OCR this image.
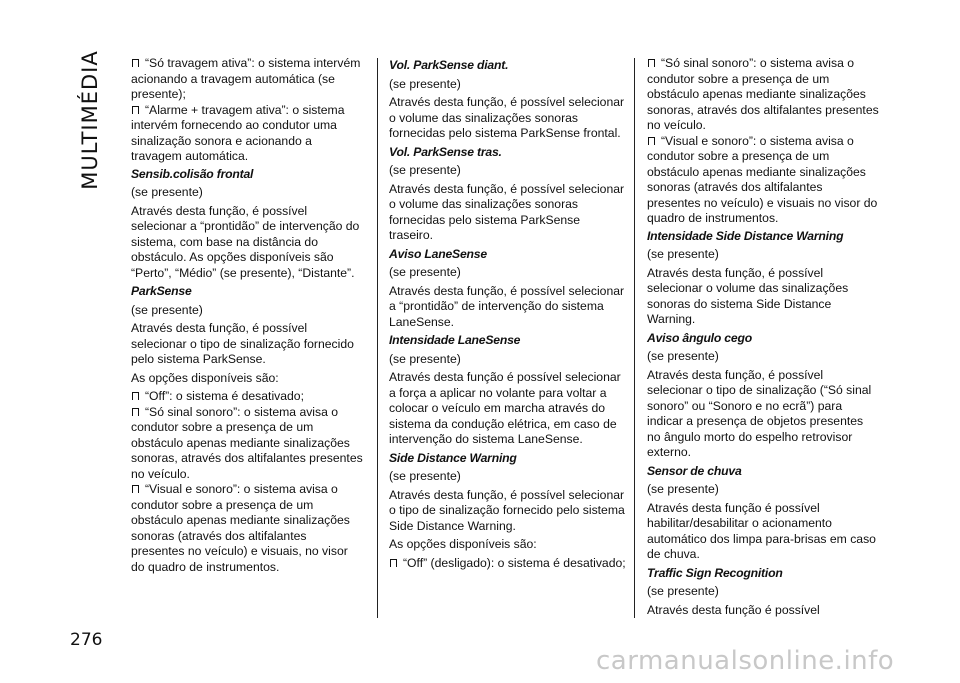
MULTIMÉDIA	“Só travagem ativa”: o sistema intervém acionando a travagem automática (se presente);
“Alarme + travagem ativa”: o sistema intervém fornecendo ao condutor uma sinalização sonora e acionando a travagem automática.
Sensib.colisão frontal
(se presente)
Através desta função, é possível selecionar a “prontidão” de intervenção do sistema, com base na distância do obstáculo. As opções disponíveis são “Perto”, “Médio” (se presente), “Distante”.
ParkSense
(se presente)
Através desta função, é possível selecionar o tipo de sinalização fornecido pelo sistema ParkSense.
As opções disponíveis são:
“Off”: o sistema é desativado;
“Só sinal sonoro”: o sistema avisa o condutor sobre a presença de um obstáculo apenas mediante sinalizações sonoras, através dos altifalantes presentes no veículo.
“Visual e sonoro”: o sistema avisa o condutor sobre a presença de um obstáculo apenas mediante sinalizações sonoras (através dos altifalantes presentes no veículo) e visuais, no visor do quadro de instrumentos.
Vol. ParkSense diant.
(se presente)
Através desta função, é possível selecionar o volume das sinalizações sonoras fornecidas pelo sistema ParkSense frontal.
Vol. ParkSense tras.
(se presente)
Através desta função, é possível selecionar o volume das sinalizações sonoras fornecidas pelo sistema ParkSense traseiro.
Aviso LaneSense
(se presente)
Através desta função, é possível selecionar a “prontidão” de intervenção do sistema LaneSense.
Intensidade LaneSense
(se presente)
Através desta função é possível selecionar a força a aplicar no volante para voltar a colocar o veículo em marcha através do sistema da condução elétrica, em caso de intervenção do sistema LaneSense.
Side Distance Warning
(se presente)
Através desta função, é possível selecionar o tipo de sinalização fornecido pelo sistema Side Distance Warning.
As opções disponíveis são:
“Off” (desligado): o sistema é desativado;
“Só sinal sonoro”: o sistema avisa o condutor sobre a presença de um obstáculo apenas mediante sinalizações sonoras, através dos altifalantes presentes no veículo.
“Visual e sonoro”: o sistema avisa o condutor sobre a presença de um obstáculo apenas mediante sinalizações sonoras (através dos altifalantes presentes no veículo) e visuais no visor do quadro de instrumentos.
Intensidade Side Distance Warning
(se presente)
Através desta função, é possível selecionar o volume das sinalizações sonoras do sistema Side Distance Warning.
Aviso ângulo cego
(se presente)
Através desta função, é possível selecionar o tipo de sinalização (“Só sinal sonoro” ou “Sonoro e no ecrã”) para indicar a presença de objetos presentes no ângulo morto do espelho retrovisor externo.
Sensor de chuva
(se presente)
Através desta função é possível habilitar/desabilitar o acionamento automático dos limpa para-brisas em caso de chuva.
Traffic Sign Recognition
(se presente)
Através desta função é possível
276
carmanualsonline.info
